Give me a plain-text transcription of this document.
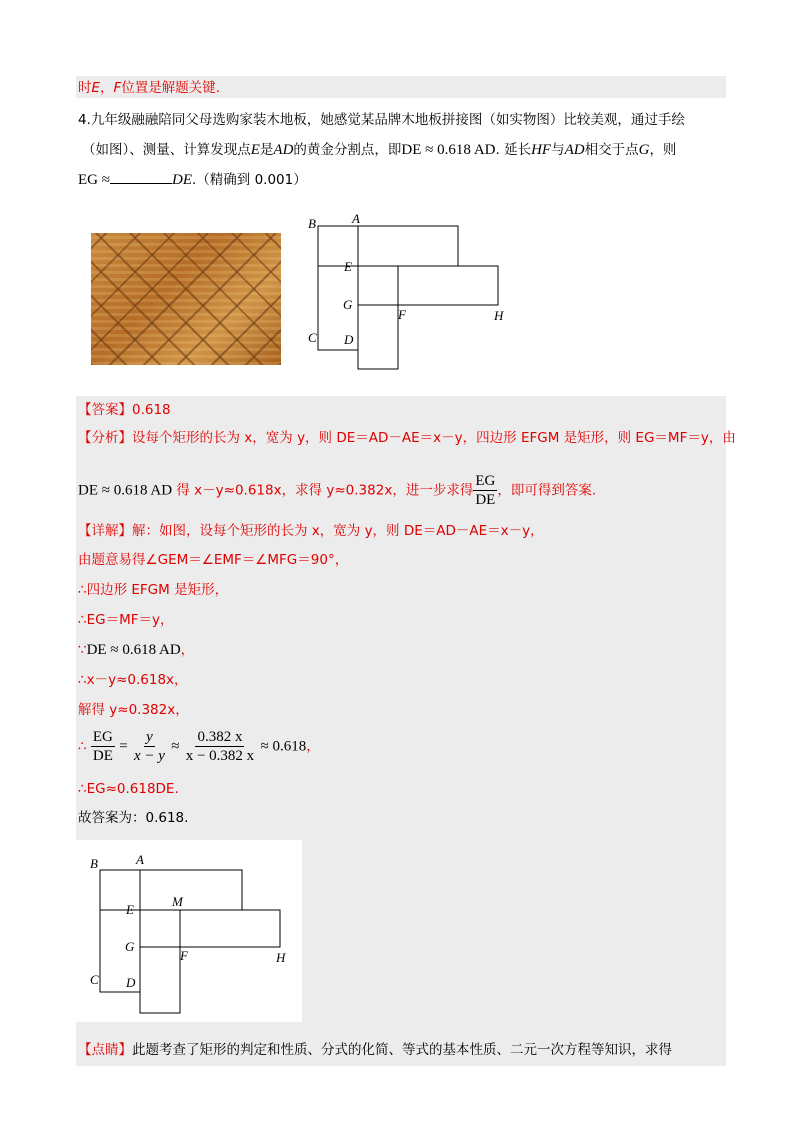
时E，F位置是解题关键.
4.九年级融融陪同父母选购家装木地板，她感觉某品牌木地板拼接图（如实物图）比较美观，通过手绘
（如图）、测量、计算发现点E是AD的黄金分割点，即DE ≈ 0.618 AD. 延长HF与AD相交于点G，则
EG ≈	DE.（精确到 0.001）
B	A
E
G
F	H
C D
【答案】0.618
【分析】设每个矩形的长为 x，宽为 y，则 DE＝AD－AE＝x－y，四边形 EFGM 是矩形，则 EG＝MF＝y，由
DE ≈ 0.618 AD 得 x－y≈0.618x，求得 y≈0.382x，进一步求得 $\frac{EG}{DE}$ ，即可得到答案.
【详解】解：如图，设每个矩形的长为 x，宽为 y，则 DE＝AD－AE＝x－y，
由题意易得∠GEM＝∠EMF＝∠MFG＝90°，
∴四边形 EFGM 是矩形，
∴EG＝MF＝y，
∵DE ≈ 0.618 AD，
∴x－y≈0.618x，
解得 y≈0.382x，
∴ $\frac{EG}{DE} = \frac{y}{x - y} \approx \frac{0.382 x}{x - 0.382 x} \approx 0.618$，
∴EG≈0.618DE.
故答案为：0.618.
B	A
M
E
G
F	H
C D
【点睛】此题考查了矩形的判定和性质、分式的化简、等式的基本性质、二元一次方程等知识，求得
